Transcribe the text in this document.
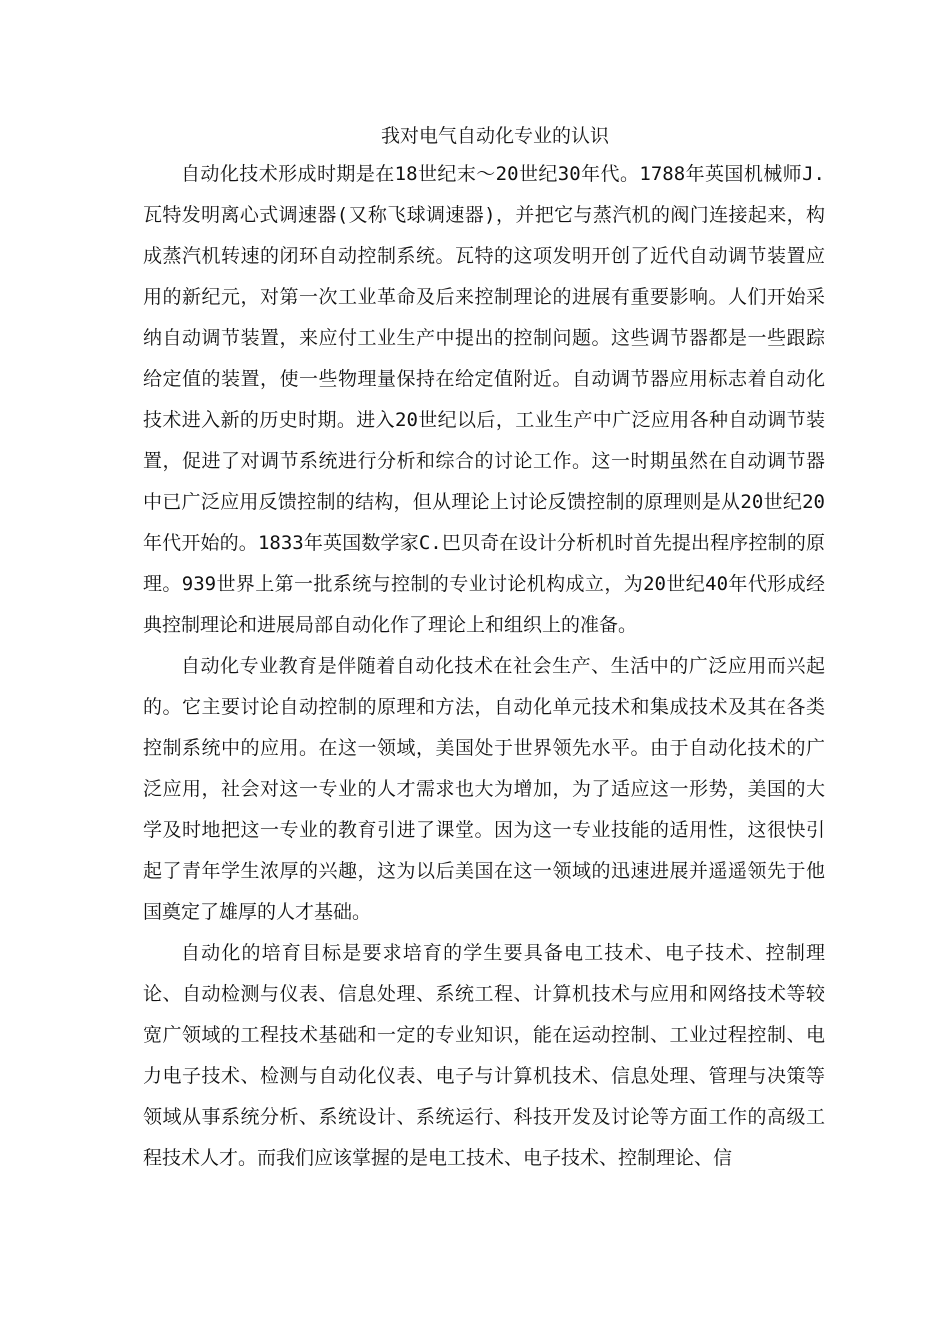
我对电气自动化专业的认识

自动化技术形成时期是在18世纪末～20世纪30年代。1788年英国机械师J.瓦特发明离心式调速器(又称飞球调速器)，并把它与蒸汽机的阀门连接起来，构成蒸汽机转速的闭环自动控制系统。瓦特的这项发明开创了近代自动调节装置应用的新纪元，对第一次工业革命及后来控制理论的进展有重要影响。人们开始采纳自动调节装置，来应付工业生产中提出的控制问题。这些调节器都是一些跟踪给定值的装置，使一些物理量保持在给定值附近。自动调节器应用标志着自动化技术进入新的历史时期。进入20世纪以后，工业生产中广泛应用各种自动调节装置，促进了对调节系统进行分析和综合的讨论工作。这一时期虽然在自动调节器中已广泛应用反馈控制的结构，但从理论上讨论反馈控制的原理则是从20世纪20年代开始的。1833年英国数学家C.巴贝奇在设计分析机时首先提出程序控制的原理。939世界上第一批系统与控制的专业讨论机构成立，为20世纪40年代形成经典控制理论和进展局部自动化作了理论上和组织上的准备。

自动化专业教育是伴随着自动化技术在社会生产、生活中的广泛应用而兴起的。它主要讨论自动控制的原理和方法，自动化单元技术和集成技术及其在各类控制系统中的应用。在这一领域，美国处于世界领先水平。由于自动化技术的广泛应用，社会对这一专业的人才需求也大为增加，为了适应这一形势，美国的大学及时地把这一专业的教育引进了课堂。因为这一专业技能的适用性，这很快引起了青年学生浓厚的兴趣，这为以后美国在这一领域的迅速进展并遥遥领先于他国奠定了雄厚的人才基础。

自动化的培育目标是要求培育的学生要具备电工技术、电子技术、控制理论、自动检测与仪表、信息处理、系统工程、计算机技术与应用和网络技术等较宽广领域的工程技术基础和一定的专业知识，能在运动控制、工业过程控制、电力电子技术、检测与自动化仪表、电子与计算机技术、信息处理、管理与决策等领域从事系统分析、系统设计、系统运行、科技开发及讨论等方面工作的高级工程技术人才。而我们应该掌握的是电工技术、电子技术、控制理论、信
